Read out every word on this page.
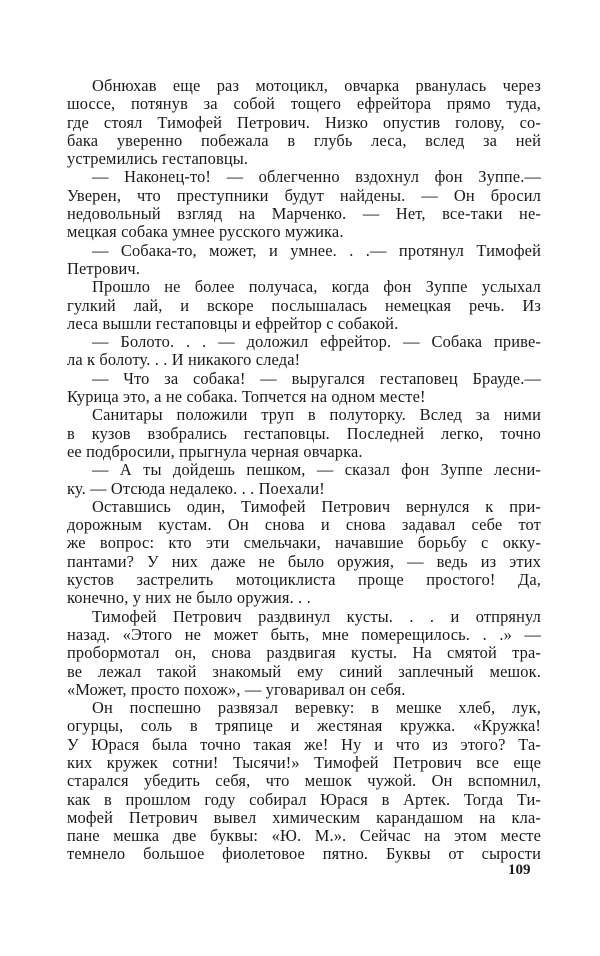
Обнюхав еще раз мотоцикл, овчарка рванулась через
шоссе, потянув за собой тощего ефрейтора прямо туда,
где стоял Тимофей Петрович. Низко опустив голову, со-
бака уверенно побежала в глубь леса, вслед за ней
устремились гестаповцы.
— Наконец-то! — облегченно вздохнул фон Зуппе.—
Уверен, что преступники будут найдены. — Он бросил
недовольный взгляд на Марченко. — Нет, все-таки не-
мецкая собака умнее русского мужика.
— Собака-то, может, и умнее. . .— протянул Тимофей
Петрович.
Прошло не более получаса, когда фон Зуппе услыхал
гулкий лай, и вскоре послышалась немецкая речь. Из
леса вышли гестаповцы и ефрейтор с собакой.
— Болото. . . — доложил ефрейтор. — Собака приве-
ла к болоту. . . И никакого следа!
— Что за собака! — выругался гестаповец Брауде.—
Курица это, а не собака. Топчется на одном месте!
Санитары положили труп в полуторку. Вслед за ними
в кузов взобрались гестаповцы. Последней легко, точно
ее подбросили, прыгнула черная овчарка.
— А ты дойдешь пешком, — сказал фон Зуппе лесни-
ку. — Отсюда недалеко. . . Поехали!
Оставшись один, Тимофей Петрович вернулся к при-
дорожным кустам. Он снова и снова задавал себе тот
же вопрос: кто эти смельчаки, начавшие борьбу с окку-
пантами? У них даже не было оружия, — ведь из этих
кустов застрелить мотоциклиста проще простого! Да,
конечно, у них не было оружия. . .
Тимофей Петрович раздвинул кусты. . . и отпрянул
назад. «Этого не может быть, мне померещилось. . .» —
пробормотал он, снова раздвигая кусты. На смятой тра-
ве лежал такой знакомый ему синий заплечный мешок.
«Может, просто похож», — уговаривал он себя.
Он поспешно развязал веревку: в мешке хлеб, лук,
огурцы, соль в тряпице и жестяная кружка. «Кружка!
У Юрася была точно такая же! Ну и что из этого? Та-
ких кружек сотни! Тысячи!» Тимофей Петрович все еще
старался убедить себя, что мешок чужой. Он вспомнил,
как в прошлом году собирал Юрася в Артек. Тогда Ти-
мофей Петрович вывел химическим карандашом на кла-
пане мешка две буквы: «Ю. М.». Сейчас на этом месте
темнело большое фиолетовое пятно. Буквы от сырости
109
